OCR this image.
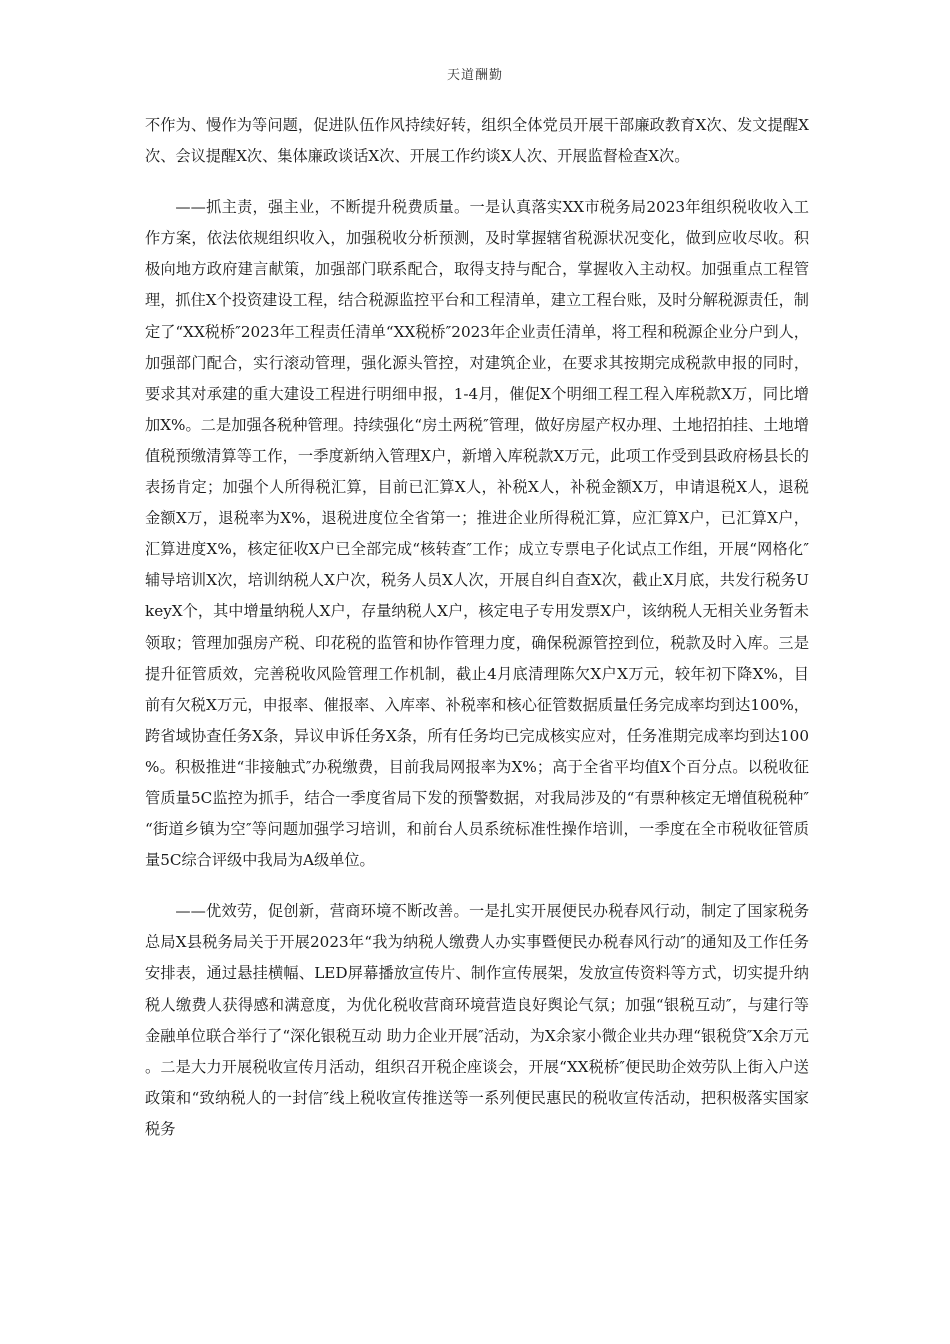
天道酬勤

不作为、慢作为等问题，促进队伍作风持续好转，组织全体党员开展干部廉政教育X次、发文提醒X次、会议提醒X次、集体廉政谈话X次、开展工作约谈X人次、开展监督检查X次。

——抓主责，强主业，不断提升税费质量。一是认真落实XX市税务局2023年组织税收收入工作方案，依法依规组织收入，加强税收分析预测，及时掌握辖省税源状况变化，做到应收尽收。积极向地方政府建言献策，加强部门联系配合，取得支持与配合，掌握收入主动权。加强重点工程管理，抓住X个投资建设工程，结合税源监控平台和工程清单，建立工程台账，及时分解税源责任，制定了“XX税桥″2023年工程责任清单“XX税桥″2023年企业责任清单，将工程和税源企业分户到人，加强部门配合，实行滚动管理，强化源头管控，对建筑企业，在要求其按期完成税款申报的同时，要求其对承建的重大建设工程进行明细申报，1-4月，催促X个明细工程工程入库税款X万，同比增加X%。二是加强各税种管理。持续强化“房土两税″管理，做好房屋产权办理、土地招拍挂、土地增值税预缴清算等工作，一季度新纳入管理X户，新增入库税款X万元，此项工作受到县政府杨县长的表扬肯定；加强个人所得税汇算，目前已汇算X人，补税X人，补税金额X万，申请退税X人，退税金额X万，退税率为X%，退税进度位全省第一；推进企业所得税汇算，应汇算X户，已汇算X户，汇算进度X%，核定征收X户已全部完成“核转查″工作；成立专票电子化试点工作组，开展“网格化″辅导培训X次，培训纳税人X户次，税务人员X人次，开展自纠自查X次，截止X月底，共发行税务UkeyX个，其中增量纳税人X户，存量纳税人X户，核定电子专用发票X户，该纳税人无相关业务暂未领取；管理加强房产税、印花税的监管和协作管理力度，确保税源管控到位，税款及时入库。三是提升征管质效，完善税收风险管理工作机制，截止4月底清理陈欠X户X万元，较年初下降X%，目前有欠税X万元，申报率、催报率、入库率、补税率和核心征管数据质量任务完成率均到达100%，跨省域协查任务X条，异议申诉任务X条，所有任务均已完成核实应对，任务准期完成率均到达100%。积极推进“非接触式″办税缴费，目前我局网报率为X%；高于全省平均值X个百分点。以税收征管质量5C监控为抓手，结合一季度省局下发的预警数据，对我局涉及的“有票种核定无增值税税种″“街道乡镇为空″等问题加强学习培训，和前台人员系统标准性操作培训，一季度在全市税收征管质量5C综合评级中我局为A级单位。

——优效劳，促创新，营商环境不断改善。一是扎实开展便民办税春风行动，制定了国家税务总局X县税务局关于开展2023年“我为纳税人缴费人办实事暨便民办税春风行动″的通知及工作任务安排表，通过悬挂横幅、LED屏幕播放宣传片、制作宣传展架，发放宣传资料等方式，切实提升纳税人缴费人获得感和满意度，为优化税收营商环境营造良好舆论气氛；加强“银税互动″，与建行等金融单位联合举行了“深化银税互动 助力企业开展″活动，为X余家小微企业共办理“银税贷″X余万元。二是大力开展税收宣传月活动，组织召开税企座谈会，开展“XX税桥″便民助企效劳队上街入户送政策和“致纳税人的一封信″线上税收宣传推送等一系列便民惠民的税收宣传活动，把积极落实国家税务
